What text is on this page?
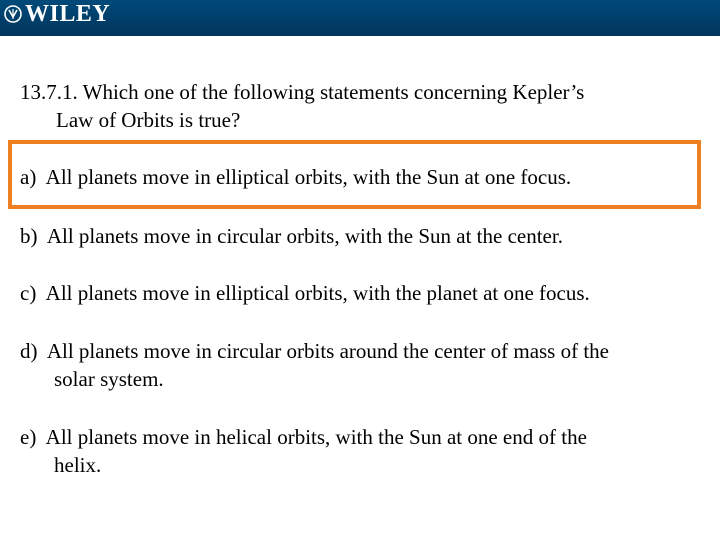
WILEY
13.7.1. Which one of the following statements concerning Kepler’s
Law of Orbits is true?
a) All planets move in elliptical orbits, with the Sun at one focus.
b) All planets move in circular orbits, with the Sun at the center.
c) All planets move in elliptical orbits, with the planet at one focus.
d) All planets move in circular orbits around the center of mass of the
solar system.
e) All planets move in helical orbits, with the Sun at one end of the
helix.
